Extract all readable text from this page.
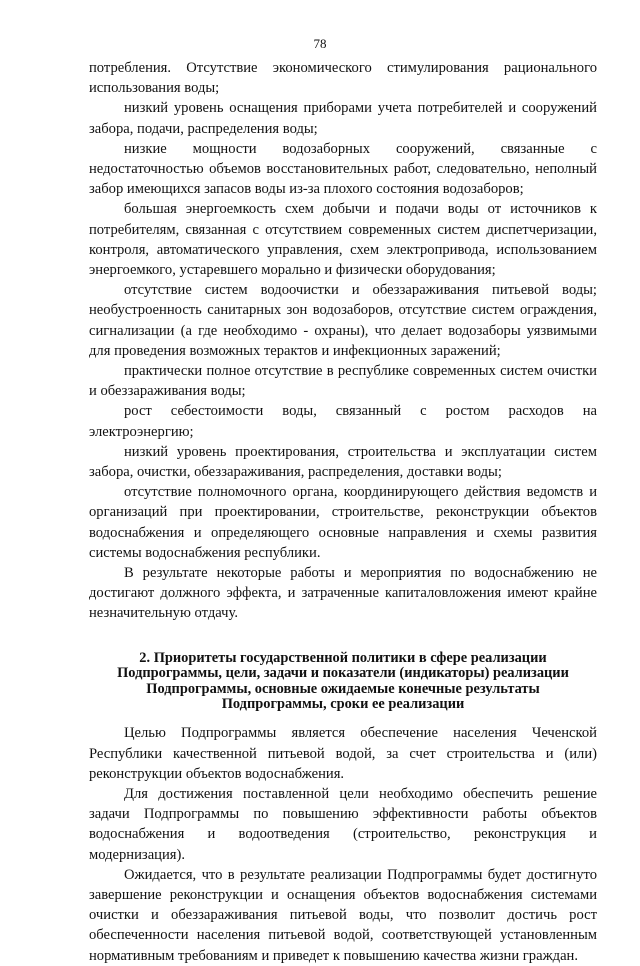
78

потребления. Отсутствие экономического стимулирования рационального использования воды;

низкий уровень оснащения приборами учета потребителей и сооружений забора, подачи, распределения воды;

низкие мощности водозаборных сооружений, связанные с недостаточностью объемов восстановительных работ, следовательно, неполный забор имеющихся запасов воды из-за плохого состояния водозаборов;

большая энергоемкость схем добычи и подачи воды от источников к потребителям, связанная с отсутствием современных систем диспетчеризации, контроля, автоматического управления, схем электропривода, использованием энергоемкого, устаревшего морально и физически оборудования;

отсутствие систем водоочистки и обеззараживания питьевой воды; необустроенность санитарных зон водозаборов, отсутствие систем ограждения, сигнализации (а где необходимо - охраны), что делает водозаборы уязвимыми для проведения возможных терактов и инфекционных заражений;

практически полное отсутствие в республике современных систем очистки и обеззараживания воды;

рост себестоимости воды, связанный с ростом расходов на электроэнергию;

низкий уровень проектирования, строительства и эксплуатации систем забора, очистки, обеззараживания, распределения, доставки воды;

отсутствие полномочного органа, координирующего действия ведомств и организаций при проектировании, строительстве, реконструкции объектов водоснабжения и определяющего основные направления и схемы развития системы водоснабжения республики.

В результате некоторые работы и мероприятия по водоснабжению не достигают должного эффекта, и затраченные капиталовложения имеют крайне незначительную отдачу.

2. Приоритеты государственной политики в сфере реализации
Подпрограммы, цели, задачи и показатели (индикаторы) реализации
Подпрограммы, основные ожидаемые конечные результаты
Подпрограммы, сроки ее реализации

Целью Подпрограммы является обеспечение населения Чеченской Республики качественной питьевой водой, за счет строительства и (или) реконструкции объектов водоснабжения.

Для достижения поставленной цели необходимо обеспечить решение задачи Подпрограммы по повышению эффективности работы объектов водоснабжения и водоотведения (строительство, реконструкция и модернизация).

Ожидается, что в результате реализации Подпрограммы будет достигнуто завершение реконструкции и оснащения объектов водоснабжения системами очистки и обеззараживания питьевой воды, что позволит достичь рост обеспеченности населения питьевой водой, соответствующей установленным нормативным требованиям и приведет к повышению качества жизни граждан.
